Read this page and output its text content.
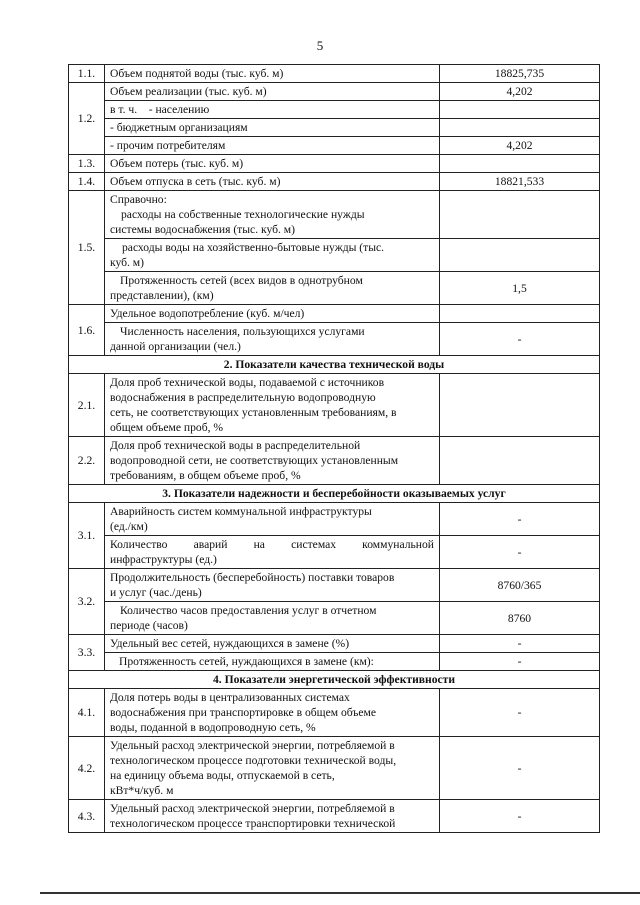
5
1.1.	Объем поднятой воды (тыс. куб. м)	18825,735
1.2.	Объем реализации (тыс. куб. м)	4,202
	в т. ч. - населению	
	- бюджетным организациям	
	- прочим потребителям	4,202
1.3.	Объем потерь (тыс. куб. м)	
1.4.	Объем отпуска в сеть (тыс. куб. м)	18821,533
1.5.	Справочно:
расходы на собственные технологические нужды
системы водоснабжения (тыс. куб. м)	

	расходы воды на хозяйственно-бытовые нужды (тыс.
куб. м)	

	Протяженность сетей (всех видов в однотрубном
представлении), (км)	1,5
1.6.	Удельное водопотребление (куб. м/чел)	

	Численность населения, пользующихся услугами
данной организации (чел.)	-
2. Показатели качества технической воды		
2.1.	Доля проб технической воды, подаваемой с источников
водоснабжения в распределительную водопроводную
сеть, не соответствующих установленным требованиям, в
общем объеме проб, %	

2.2.	Доля проб технической воды в распределительной
водопроводной сети, не соответствующих установленным
требованиям, в общем объеме проб, %	

3. Показатели надежности и бесперебойности оказываемых услуг		
3.1.	Аварийность систем коммунальной инфраструктуры
(ед./км)	-

	Количество аварий на системах коммунальной
инфраструктуры (ед.)	-
3.2.	Продолжительность (бесперебойность) поставки товаров
и услуг (час./день)	8760/365

	Количество часов предоставления услуг в отчетном
периоде (часов)	8760
3.3.	Удельный вес сетей, нуждающихся в замене (%)	-
	Протяженность сетей, нуждающихся в замене (км):	-
4. Показатели энергетической эффективности		
4.1.	Доля потерь воды в централизованных системах
водоснабжения при транспортировке в общем объеме
воды, поданной в водопроводную сеть, %	-
4.2.	Удельный расход электрической энергии, потребляемой в
технологическом процессе подготовки технической воды,
на единицу объема воды, отпускаемой в сеть,
кВт*ч/куб. м	-
4.3.	Удельный расход электрической энергии, потребляемой в
технологическом процессе транспортировки технической	-
